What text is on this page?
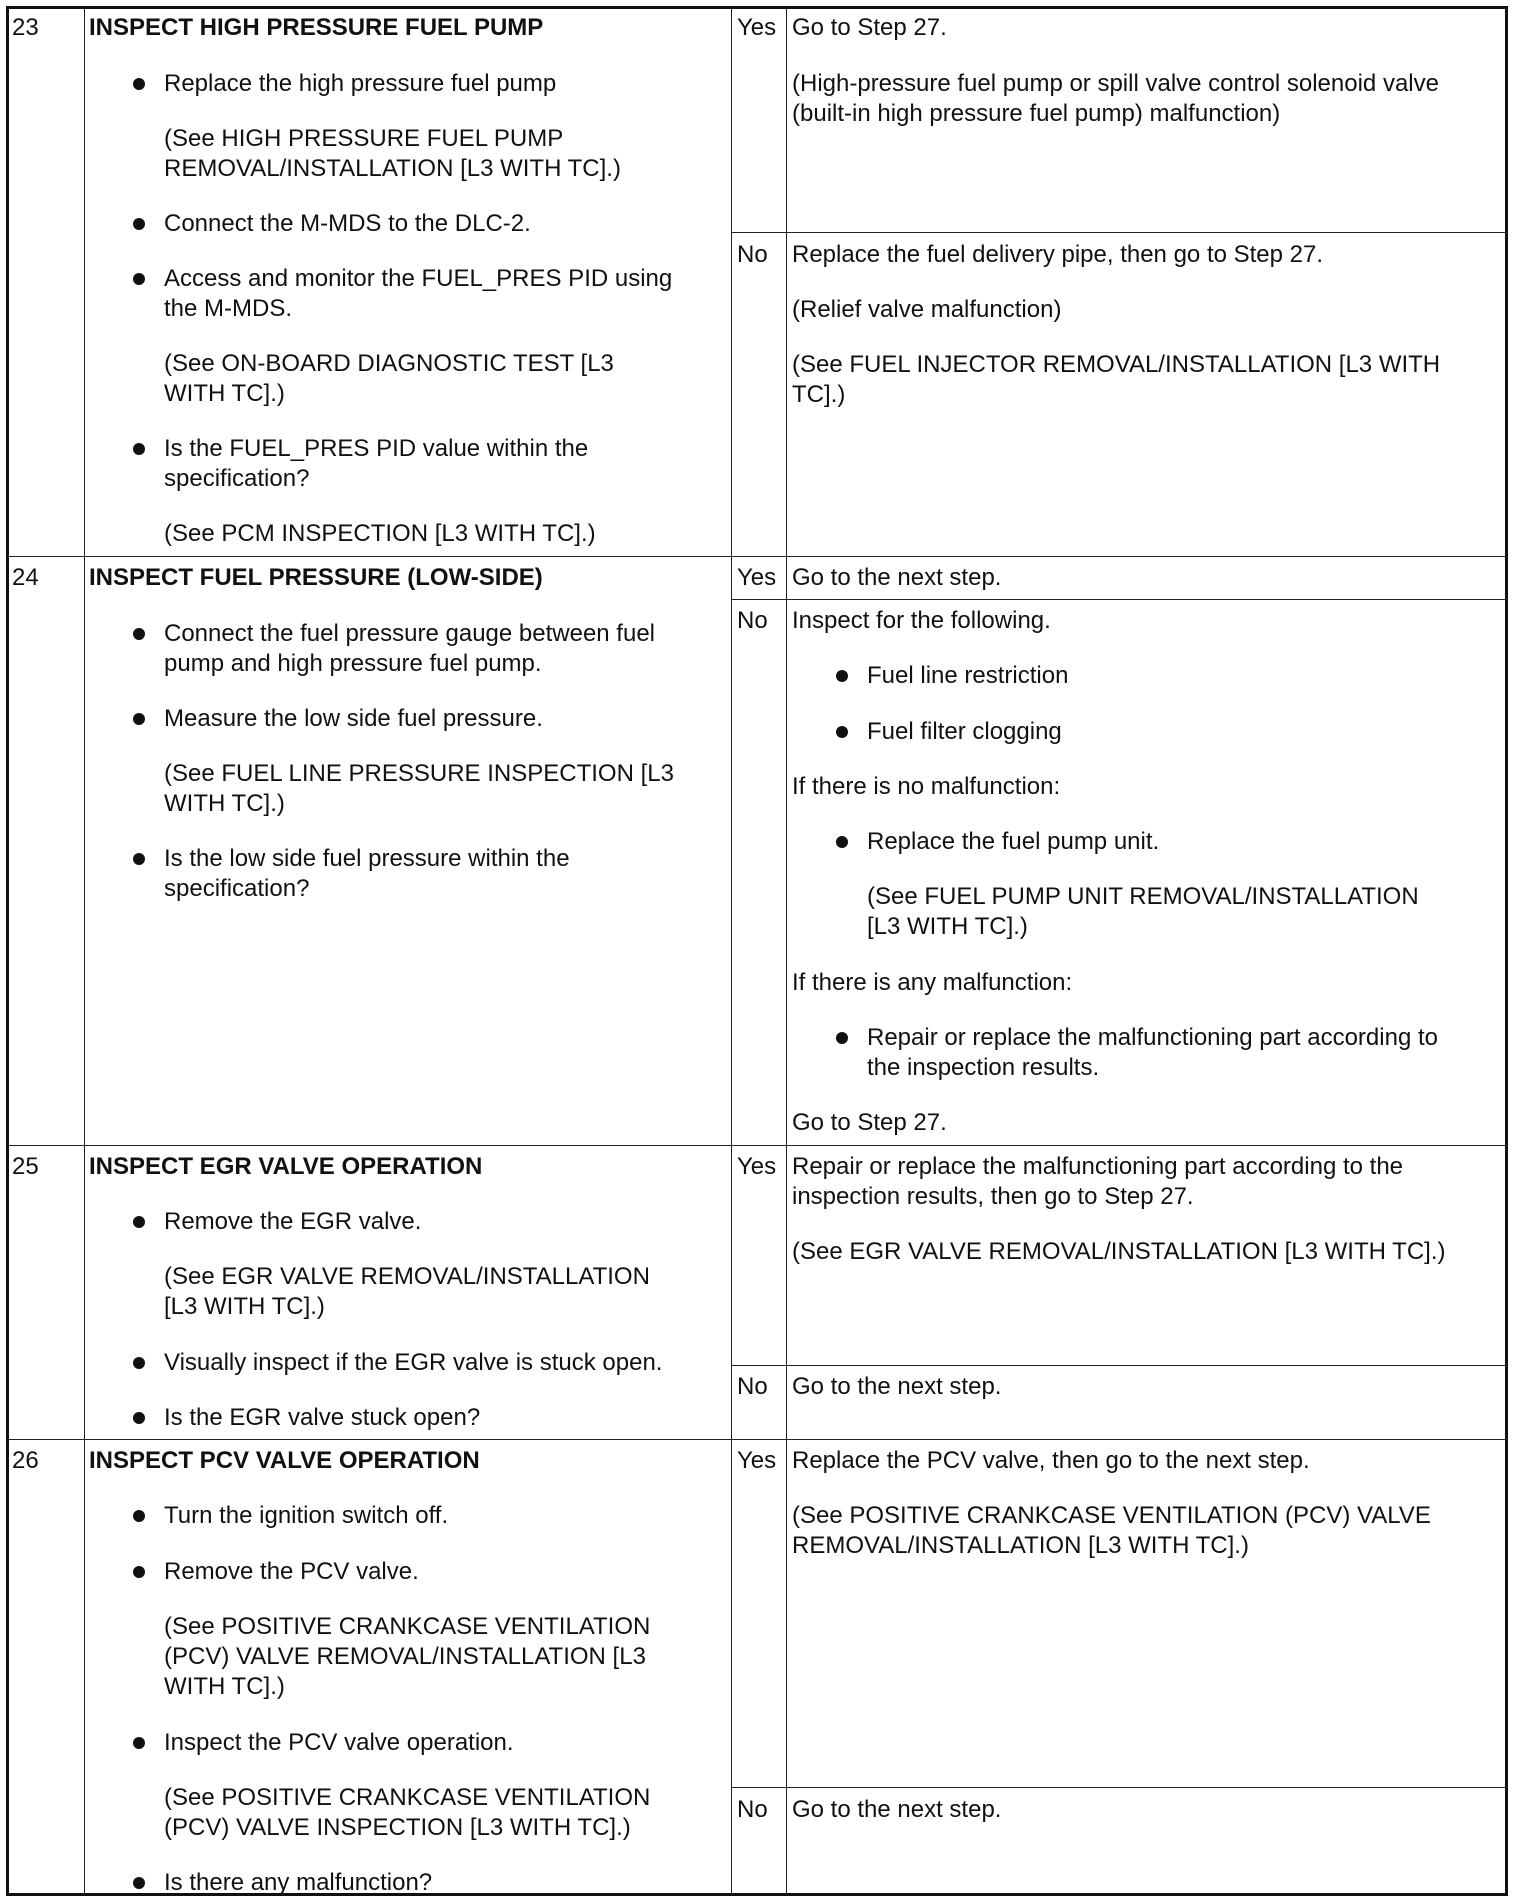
23 INSPECT HIGH PRESSURE FUEL PUMP
Replace the high pressure fuel pump
(See HIGH PRESSURE FUEL PUMP
REMOVAL/INSTALLATION [L3 WITH TC].)
Connect the M-MDS to the DLC-2.
Access and monitor the FUEL_PRES PID using
the M-MDS.
(See ON-BOARD DIAGNOSTIC TEST [L3
WITH TC].)
Is the FUEL_PRES PID value within the
specification?
(See PCM INSPECTION [L3 WITH TC].)
Yes Go to Step 27.
(High-pressure fuel pump or spill valve control solenoid valve
(built-in high pressure fuel pump) malfunction)
No Replace the fuel delivery pipe, then go to Step 27.
(Relief valve malfunction)
(See FUEL INJECTOR REMOVAL/INSTALLATION [L3 WITH
TC].)
24 INSPECT FUEL PRESSURE (LOW-SIDE)
Connect the fuel pressure gauge between fuel
pump and high pressure fuel pump.
Measure the low side fuel pressure.
(See FUEL LINE PRESSURE INSPECTION [L3
WITH TC].)
Is the low side fuel pressure within the
specification?
Yes Go to the next step.
No Inspect for the following.
Fuel line restriction
Fuel filter clogging
If there is no malfunction:
Replace the fuel pump unit.
(See FUEL PUMP UNIT REMOVAL/INSTALLATION
[L3 WITH TC].)
If there is any malfunction:
Repair or replace the malfunctioning part according to
the inspection results.
Go to Step 27.
25 INSPECT EGR VALVE OPERATION
Remove the EGR valve.
(See EGR VALVE REMOVAL/INSTALLATION
[L3 WITH TC].)
Visually inspect if the EGR valve is stuck open.
Is the EGR valve stuck open?
Yes Repair or replace the malfunctioning part according to the
inspection results, then go to Step 27.
(See EGR VALVE REMOVAL/INSTALLATION [L3 WITH TC].)
No Go to the next step.
26 INSPECT PCV VALVE OPERATION
Turn the ignition switch off.
Remove the PCV valve.
(See POSITIVE CRANKCASE VENTILATION
(PCV) VALVE REMOVAL/INSTALLATION [L3
WITH TC].)
Inspect the PCV valve operation.
(See POSITIVE CRANKCASE VENTILATION
(PCV) VALVE INSPECTION [L3 WITH TC].)
Is there any malfunction?
Yes Replace the PCV valve, then go to the next step.
(See POSITIVE CRANKCASE VENTILATION (PCV) VALVE
REMOVAL/INSTALLATION [L3 WITH TC].)
No Go to the next step.
